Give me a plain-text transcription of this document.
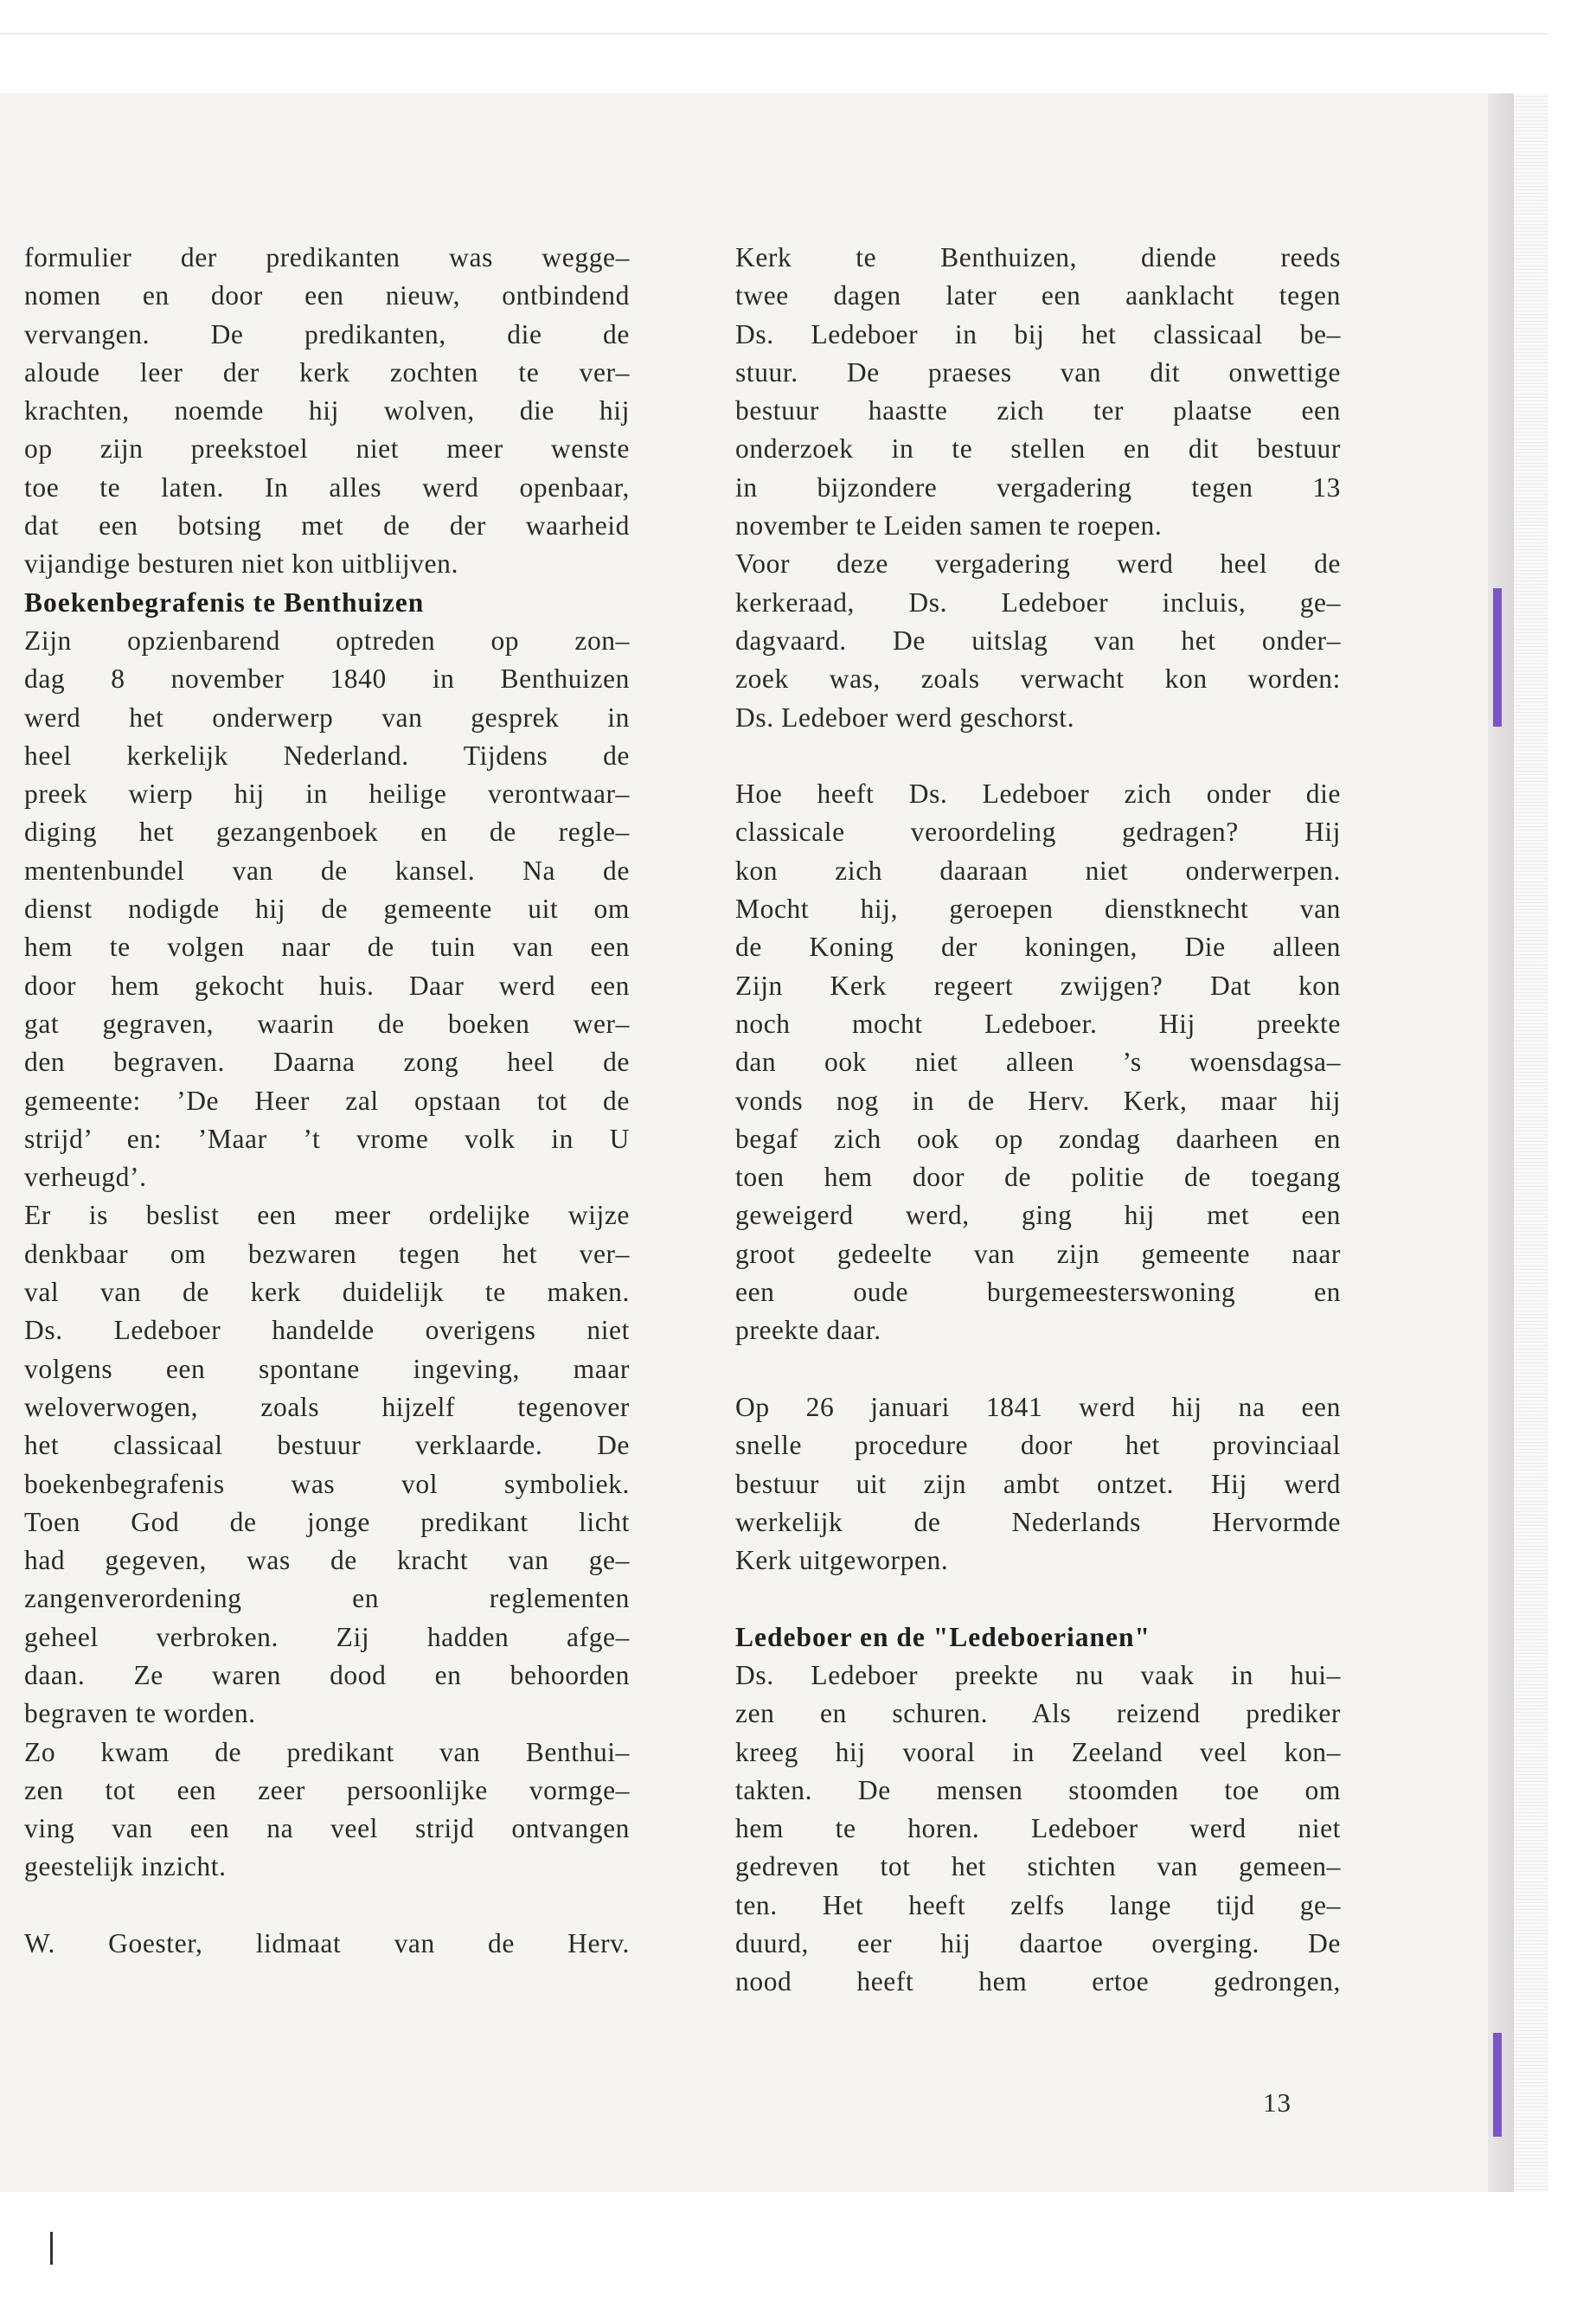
formulier der predikanten was wegge–
nomen en door een nieuw, ontbindend
vervangen. De predikanten, die de
aloude leer der kerk zochten te ver–
krachten, noemde hij wolven, die hij
op zijn preekstoel niet meer wenste
toe te laten. In alles werd openbaar,
dat een botsing met de der waarheid
vijandige besturen niet kon uitblijven.
Boekenbegrafenis te Benthuizen
Zijn opzienbarend optreden op zon–
dag 8 november 1840 in Benthuizen
werd het onderwerp van gesprek in
heel kerkelijk Nederland. Tijdens de
preek wierp hij in heilige verontwaar–
diging het gezangenboek en de regle–
mentenbundel van de kansel. Na de
dienst nodigde hij de gemeente uit om
hem te volgen naar de tuin van een
door hem gekocht huis. Daar werd een
gat gegraven, waarin de boeken wer–
den begraven. Daarna zong heel de
gemeente: ’De Heer zal opstaan tot de
strijd’ en: ’Maar ’t vrome volk in U
verheugd’.
Er is beslist een meer ordelijke wijze
denkbaar om bezwaren tegen het ver–
val van de kerk duidelijk te maken.
Ds. Ledeboer handelde overigens niet
volgens een spontane ingeving, maar
weloverwogen, zoals hijzelf tegenover
het classicaal bestuur verklaarde. De
boekenbegrafenis was vol symboliek.
Toen God de jonge predikant licht
had gegeven, was de kracht van ge–
zangenverordening en reglementen
geheel verbroken. Zij hadden afge–
daan. Ze waren dood en behoorden
begraven te worden.
Zo kwam de predikant van Benthui–
zen tot een zeer persoonlijke vormge–
ving van een na veel strijd ontvangen
geestelijk inzicht.
W. Goester, lidmaat van de Herv.
Kerk te Benthuizen, diende reeds
twee dagen later een aanklacht tegen
Ds. Ledeboer in bij het classicaal be–
stuur. De praeses van dit onwettige
bestuur haastte zich ter plaatse een
onderzoek in te stellen en dit bestuur
in bijzondere vergadering tegen 13
november te Leiden samen te roepen.
Voor deze vergadering werd heel de
kerkeraad, Ds. Ledeboer incluis, ge–
dagvaard. De uitslag van het onder–
zoek was, zoals verwacht kon worden:
Ds. Ledeboer werd geschorst.
Hoe heeft Ds. Ledeboer zich onder die
classicale veroordeling gedragen? Hij
kon zich daaraan niet onderwerpen.
Mocht hij, geroepen dienstknecht van
de Koning der koningen, Die alleen
Zijn Kerk regeert zwijgen? Dat kon
noch mocht Ledeboer. Hij preekte
dan ook niet alleen ’s woensdagsa–
vonds nog in de Herv. Kerk, maar hij
begaf zich ook op zondag daarheen en
toen hem door de politie de toegang
geweigerd werd, ging hij met een
groot gedeelte van zijn gemeente naar
een oude burgemeesterswoning en
preekte daar.
Op 26 januari 1841 werd hij na een
snelle procedure door het provinciaal
bestuur uit zijn ambt ontzet. Hij werd
werkelijk de Nederlands Hervormde
Kerk uitgeworpen.
Ledeboer en de "Ledeboerianen"
Ds. Ledeboer preekte nu vaak in hui–
zen en schuren. Als reizend prediker
kreeg hij vooral in Zeeland veel kon–
takten. De mensen stoomden toe om
hem te horen. Ledeboer werd niet
gedreven tot het stichten van gemeen–
ten. Het heeft zelfs lange tijd ge–
duurd, eer hij daartoe overging. De
nood heeft hem ertoe gedrongen,
13
